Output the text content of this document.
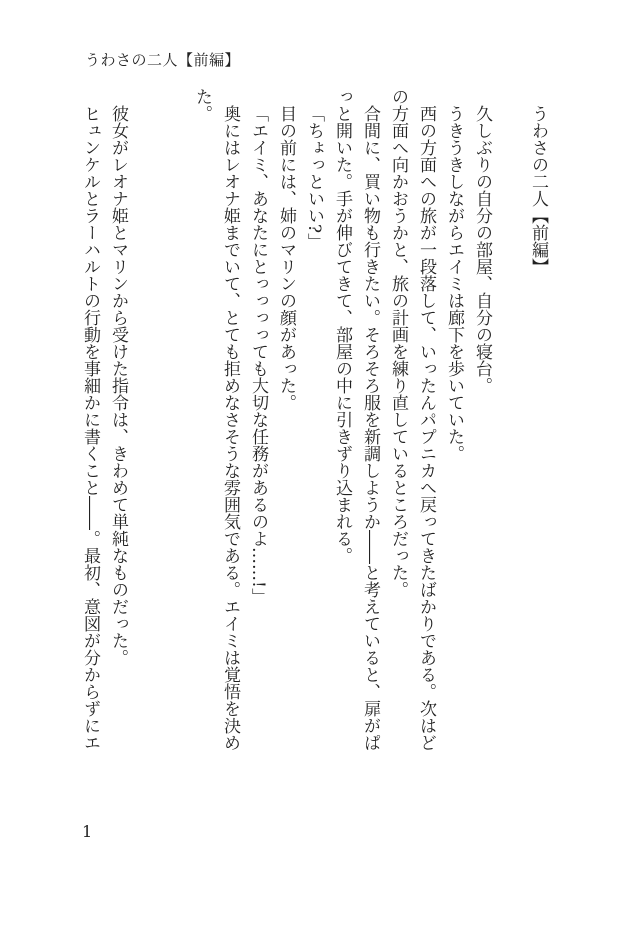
うわさの二人【前編】

うわさの二人【前編】

久しぶりの自分の部屋、自分の寝台。

うきうきしながらエイミは廊下を歩いていた。

西の方面への旅が一段落して、いったんパプニカへ戻ってきたばかりである。次はどの方面へ向かおうかと、旅の計画を練り直しているところだった。

合間に、買い物も行きたい。そろそろ服を新調しようか――と考えていると、扉がぱっと開いた。手が伸びてきて、部屋の中に引きずり込まれる。

「ちょっといい?」

目の前には、姉のマリンの顔があった。

「エイミ、あなたにとっっっっても大切な任務があるのよ……!」

奥にはレオナ姫までいて、とても拒めなさそうな雰囲気である。エイミは覚悟を決めた。

彼女がレオナ姫とマリンから受けた指令は、きわめて単純なものだった。

ヒュンケルとラーハルトの行動を事細かに書くこと――。最初、意図が分からずにエ

1
